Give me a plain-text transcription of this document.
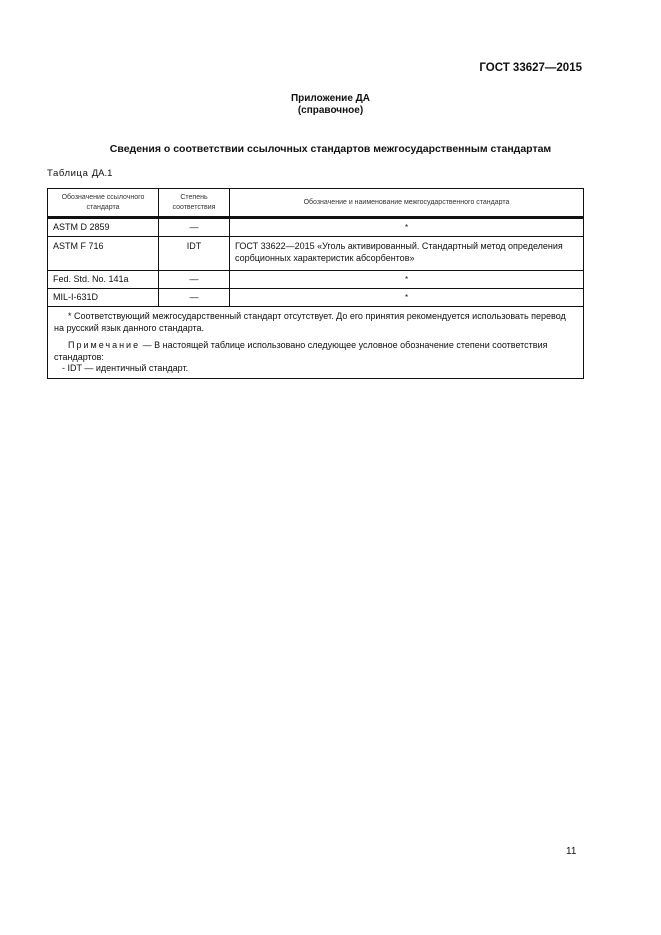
ГОСТ 33627—2015
Приложение ДА
(справочное)
Сведения о соответствии ссылочных стандартов межгосударственным стандартам
Таблица ДА.1
Обозначение ссылочного стандарта	Степень соответствия	Обозначение и наименование межгосударственного стандарта
ASTM D 2859	—	*
ASTM F 716	IDT	ГОСТ 33622—2015 «Уголь активированный. Стандартный метод определения сорбционных характеристик абсорбентов»
Fed. Std. No. 141a	—	*
MIL-I-631D	—	*

* Соответствующий межгосударственный стандарт отсутствует. До его принятия рекомендуется использовать перевод на русский язык данного стандарта.

Примечание — В настоящей таблице использовано следующее условное обозначение степени соответствия стандартов:

- IDT — идентичный стандарт.		

11
